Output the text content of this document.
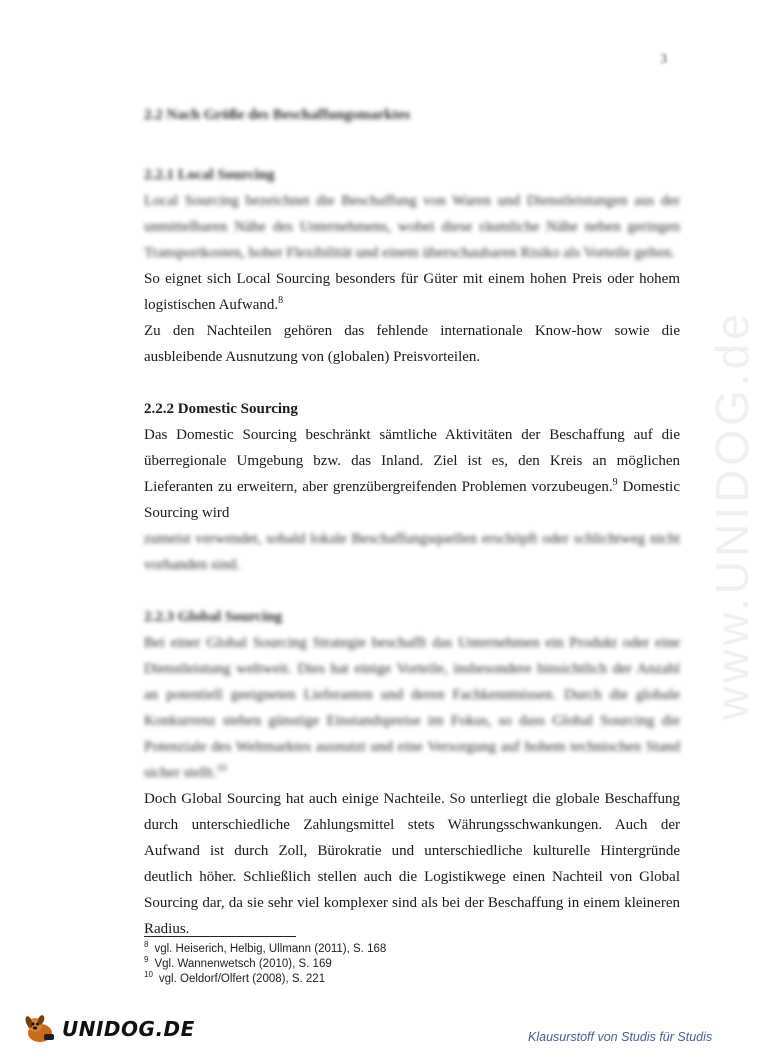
3
www.UNIDOG.de
2.2 Nach Größe des Beschaffungsmarktes
2.2.1 Local Sourcing

Local Sourcing bezeichnet die Beschaffung von Waren und Dienstleistungen aus der unmittelbaren Nähe des Unternehmens, wobei diese räumliche Nähe neben geringen Transportkosten, hoher Flexibilität und einem überschaubaren Risiko als Vorteile gelten.

So eignet sich Local Sourcing besonders für Güter mit einem hohen Preis oder hohem logistischen Aufwand.$^8$

Zu den Nachteilen gehören das fehlende internationale Know-how sowie die ausbleibende Ausnutzung von (globalen) Preisvorteilen.

2.2.2 Domestic Sourcing

Das Domestic Sourcing beschränkt sämtliche Aktivitäten der Beschaffung auf die überregionale Umgebung bzw. das Inland. Ziel ist es, den Kreis an möglichen Lieferanten zu erweitern, aber grenzübergreifenden Problemen vorzubeugen.$^9$ Domestic Sourcing wird

zumeist verwendet, sobald lokale Beschaffungsquellen erschöpft oder schlichtweg nicht vorhanden sind.

2.2.3 Global Sourcing

Bei einer Global Sourcing Strategie beschafft das Unternehmen ein Produkt oder eine Dienstleistung weltweit. Dies hat einige Vorteile, insbesondere hinsichtlich der Anzahl an potentiell geeigneten Lieferanten und deren Fachkenntnissen. Durch die globale Konkurrenz stehen günstige Einstandspreise im Fokus, so dass Global Sourcing die Potenziale des Weltmarktes ausnutzt und eine Versorgung auf hohem technischen Stand sicher stellt.$^{10}$

Doch Global Sourcing hat auch einige Nachteile. So unterliegt die globale Beschaffung durch unterschiedliche Zahlungsmittel stets Währungsschwankungen. Auch der Aufwand ist durch Zoll, Bürokratie und unterschiedliche kulturelle Hintergründe deutlich höher. Schließlich stellen auch die Logistikwege einen Nachteil von Global Sourcing dar, da sie sehr viel komplexer sind als bei der Beschaffung in einem kleineren Radius.

$^8$ vgl. Heiserich, Helbig, Ullmann (2011), S. 168
$^9$ Vgl. Wannenwetsch (2010), S. 169
$^{10}$ vgl. Oeldorf/Olfert (2008), S. 221
UNIDOG.DE	Klausurstoff von Studis für Studis
